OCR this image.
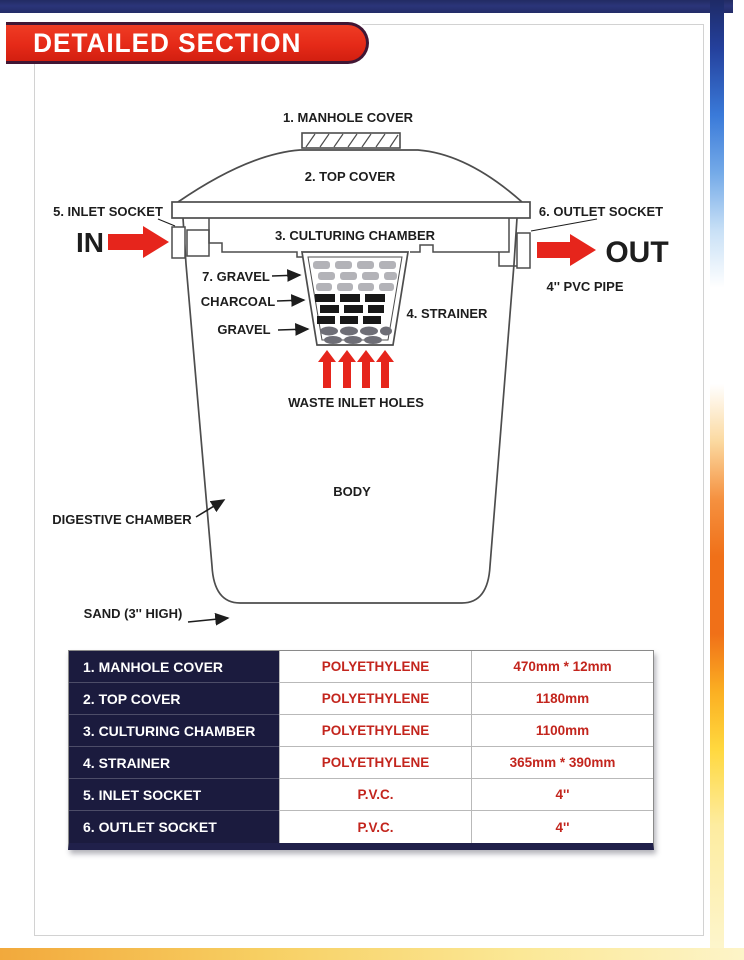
DETAILED SECTION
1. MANHOLE COVER
2. TOP COVER
3. CULTURING CHAMBER
4. STRAINER
5. INLET SOCKET	6. OUTLET SOCKET
IN	OUT
4'' PVC PIPE
7. GRAVEL
CHARCOAL
GRAVEL
WASTE INLET HOLES
BODY
DIGESTIVE CHAMBER
SAND (3'' HIGH)
1. MANHOLE COVER	POLYETHYLENE	470mm * 12mm
2. TOP COVER	POLYETHYLENE	1180mm
3. CULTURING CHAMBER	POLYETHYLENE	1100mm
4. STRAINER	POLYETHYLENE	365mm * 390mm
5. INLET SOCKET	P.V.C.	4''
6. OUTLET SOCKET	P.V.C.	4''
